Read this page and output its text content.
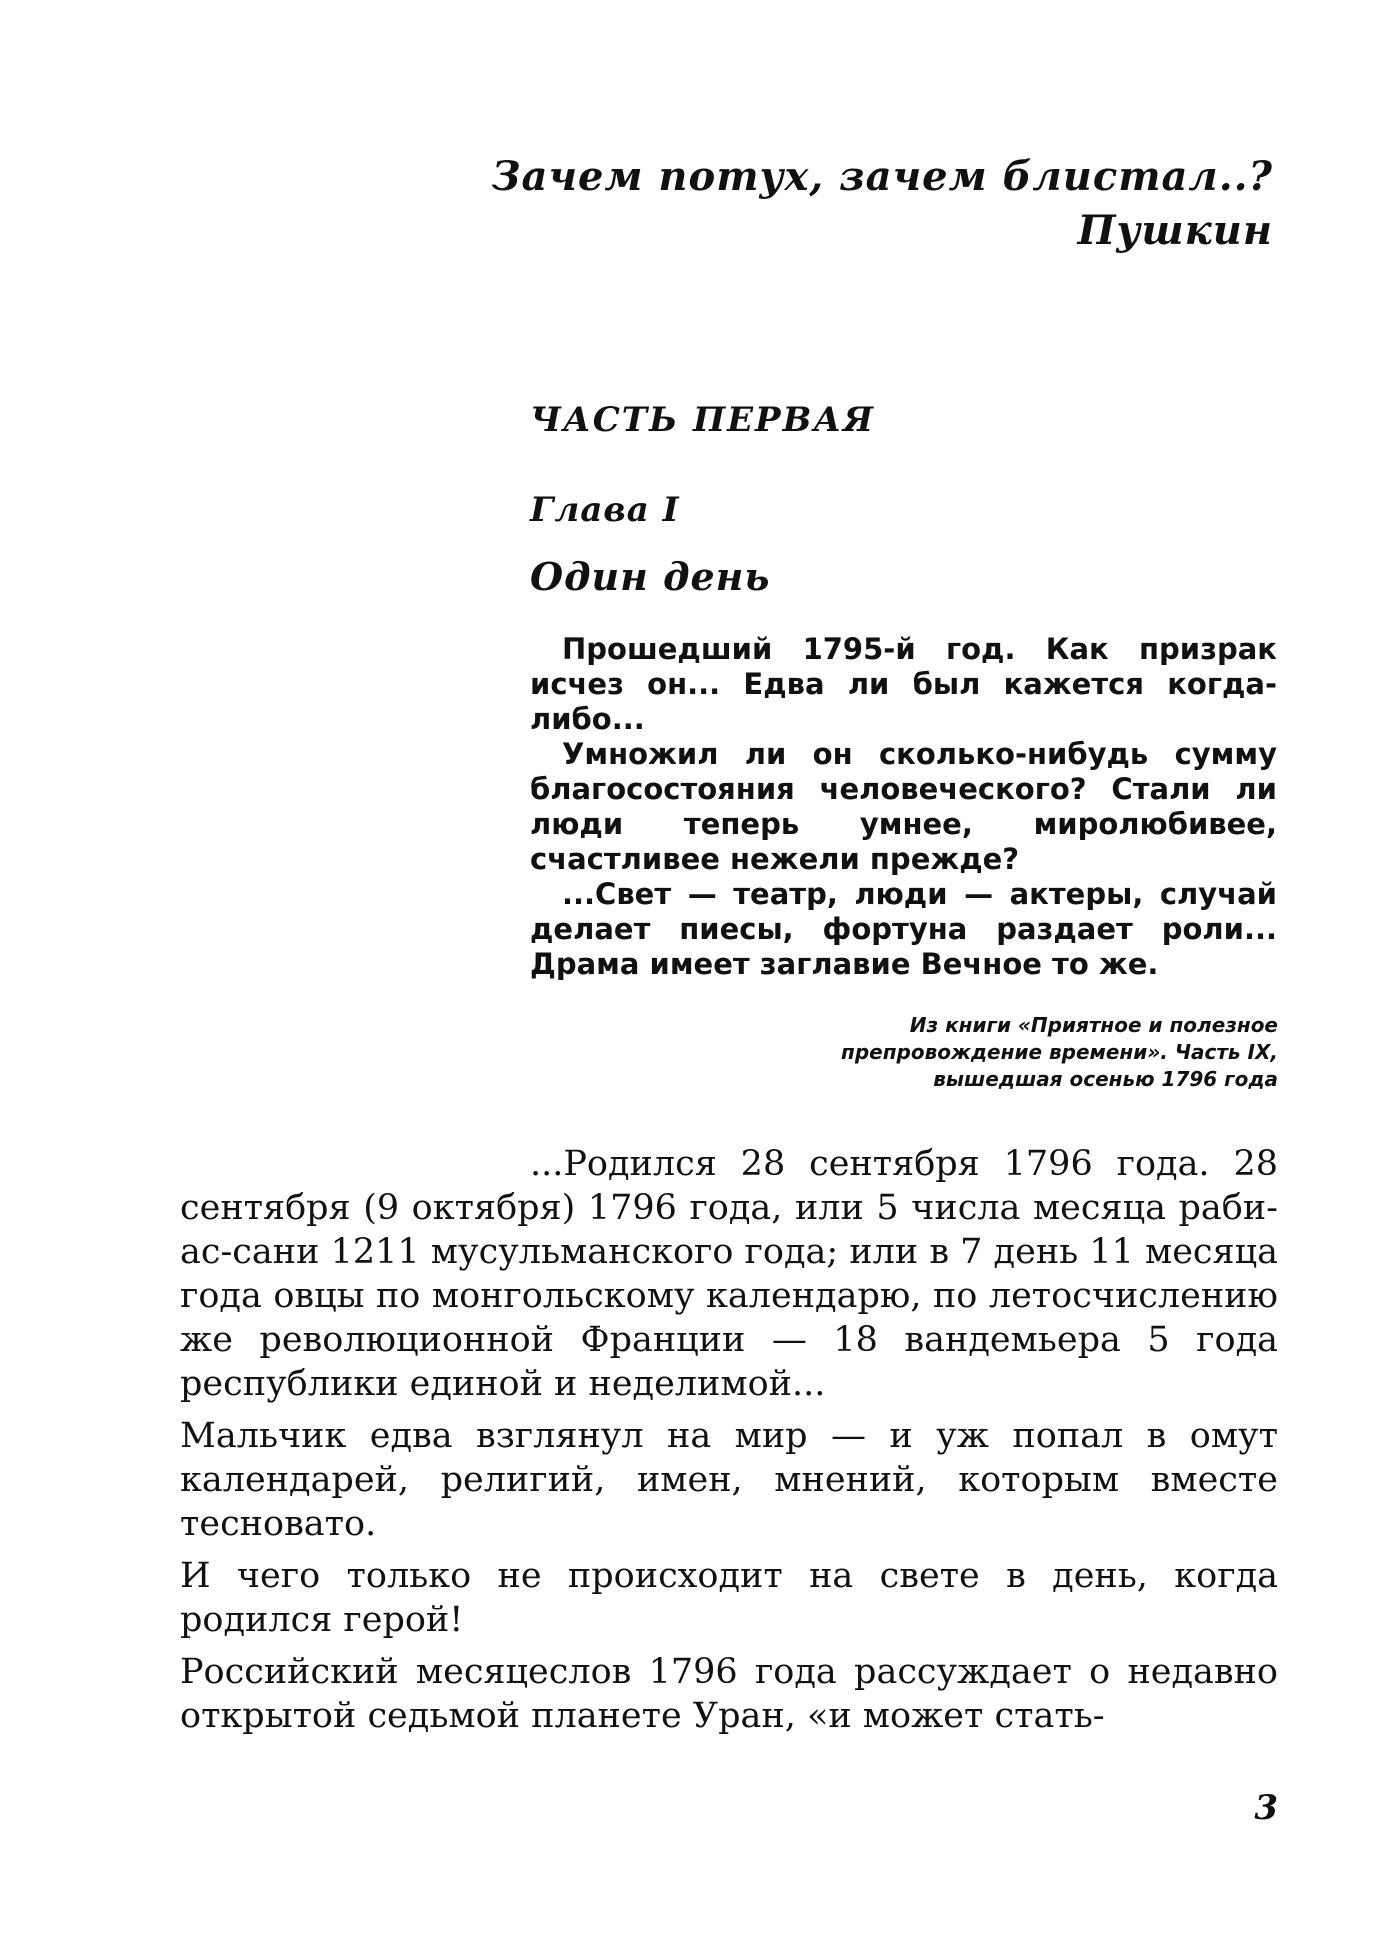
Зачем потух, зачем блистал..?
Пушкин
ЧАСТЬ ПЕРВАЯ
Глава I
Один день

Прошедший 1795-й год. Как призрак исчез он... Едва ли был кажется когда-либо...

Умножил ли он сколько-нибудь сумму благосостояния человеческого? Стали ли люди теперь умнее, миролюбивее, счастливее нежели прежде?

...Свет — театр, люди — актеры, случай делает пиесы, фортуна раздает роли... Драма имеет заглавие Вечное то же.

Из книги «Приятное и полезное
препровождение времени». Часть IX,
вышедшая осенью 1796 года

...Родился 28 сентября 1796 года. 28 сентября (9 октября) 1796 года, или 5 числа месяца раби-ас-сани 1211 мусульманского года; или в 7 день 11 месяца года овцы по монгольскому календарю, по летосчислению же революционной Франции — 18 вандемьера 5 года республики единой и неделимой...

Мальчик едва взглянул на мир — и уж попал в омут календарей, религий, имен, мнений, которым вместе тесновато.

И чего только не происходит на свете в день, когда родился герой!

Российский месяцеслов 1796 года рассуждает о недавно открытой седьмой планете Уран, «и может стать-

3
